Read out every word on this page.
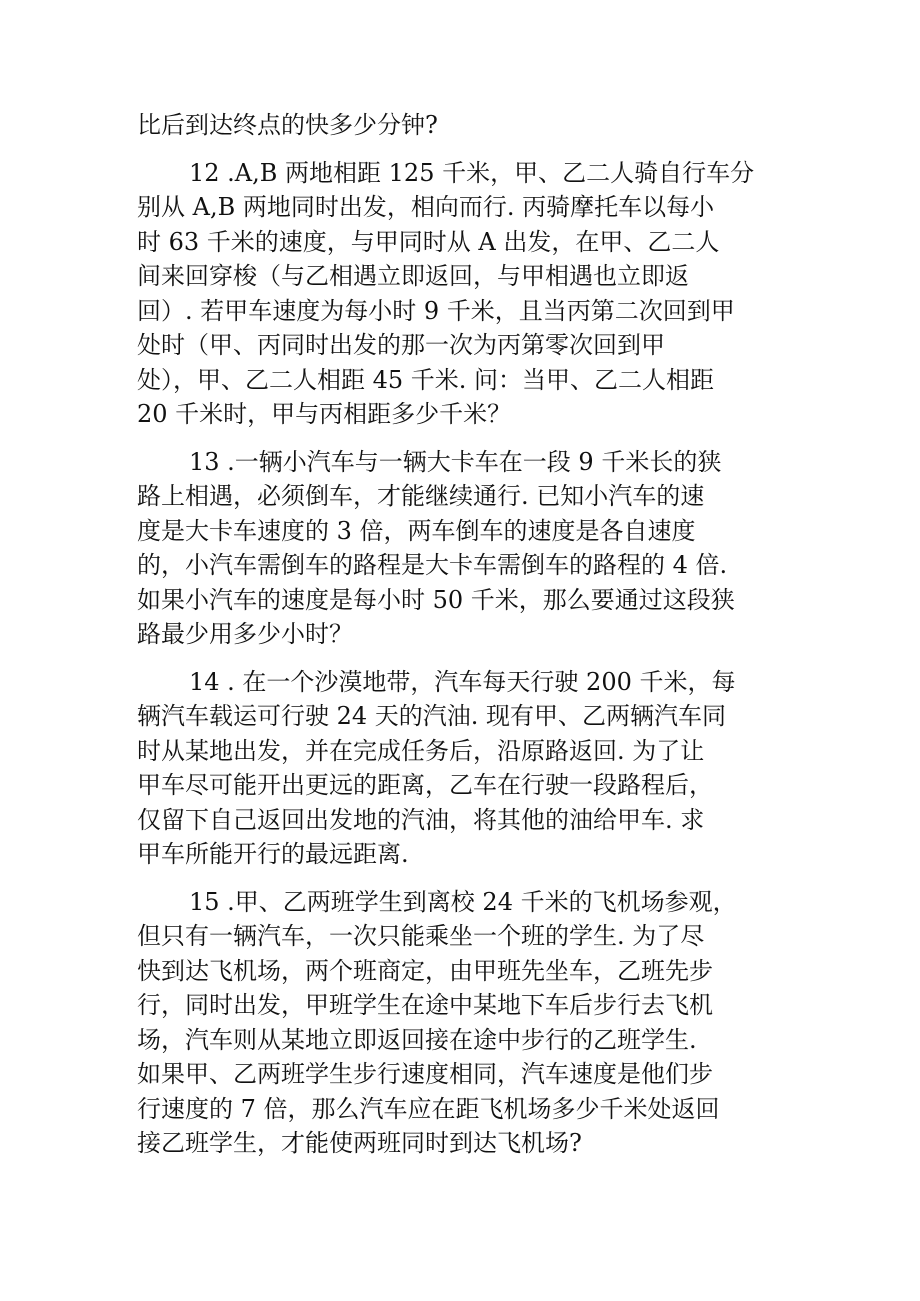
比后到达终点的快多少分钟?
12 .A,B 两地相距 125 千米，甲、乙二人骑自行车分
别从 A,B 两地同时出发，相向而行. 丙骑摩托车以每小
时 63 千米的速度，与甲同时从 A 出发，在甲、乙二人
间来回穿梭（与乙相遇立即返回，与甲相遇也立即返
回）. 若甲车速度为每小时 9 千米，且当丙第二次回到甲
处时（甲、丙同时出发的那一次为丙第零次回到甲
处），甲、乙二人相距 45 千米. 问：当甲、乙二人相距
20 千米时，甲与丙相距多少千米？
13 .一辆小汽车与一辆大卡车在一段 9 千米长的狭
路上相遇，必须倒车，才能继续通行. 已知小汽车的速
度是大卡车速度的 3 倍，两车倒车的速度是各自速度
的，小汽车需倒车的路程是大卡车需倒车的路程的 4 倍.
如果小汽车的速度是每小时 50 千米，那么要通过这段狭
路最少用多少小时？
14 . 在一个沙漠地带，汽车每天行驶 200 千米，每
辆汽车载运可行驶 24 天的汽油. 现有甲、乙两辆汽车同
时从某地出发，并在完成任务后，沿原路返回. 为了让
甲车尽可能开出更远的距离，乙车在行驶一段路程后，
仅留下自己返回出发地的汽油，将其他的油给甲车. 求
甲车所能开行的最远距离.
15 .甲、乙两班学生到离校 24 千米的飞机场参观，
但只有一辆汽车，一次只能乘坐一个班的学生. 为了尽
快到达飞机场，两个班商定，由甲班先坐车，乙班先步
行，同时出发，甲班学生在途中某地下车后步行去飞机
场，汽车则从某地立即返回接在途中步行的乙班学生.
如果甲、乙两班学生步行速度相同，汽车速度是他们步
行速度的 7 倍，那么汽车应在距飞机场多少千米处返回
接乙班学生，才能使两班同时到达飞机场?
